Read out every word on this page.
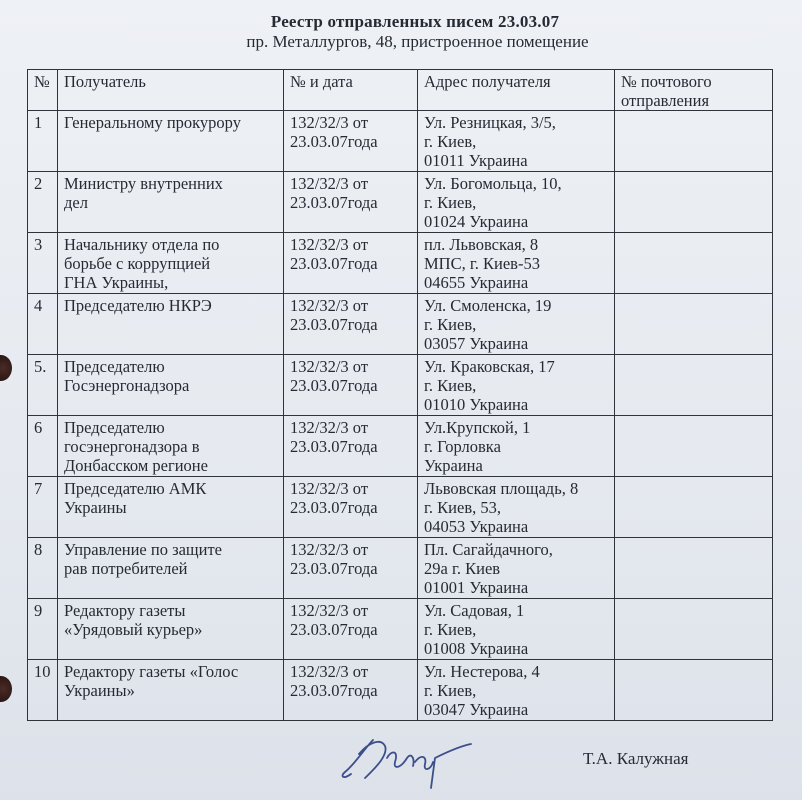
Реестр отправленных писем 23.03.07
пр. Металлургов, 48, пристроенное помещение
№	Получатель	№ и дата	Адрес получателя	№ почтового отправления
1	Генеральному прокурору	132/32/3 от
23.03.07года	Ул. Резницкая, 3/5,
г. Киев,
01011 Украина	
2	Министру внутренних
дел	132/32/3 от
23.03.07года	Ул. Богомольца, 10,
г. Киев,
01024 Украина	
3	Начальнику отдела по
борьбе с коррупцией
ГНА Украины,	132/32/3 от
23.03.07года	пл. Львовская, 8
МПС, г. Киев-53
04655 Украина	
4	Председателю НКРЭ	132/32/3 от
23.03.07года	Ул. Смоленска, 19
г. Киев,
03057 Украина	
5.	Председателю
Госэнергонадзора	132/32/3 от
23.03.07года	Ул. Краковская, 17
г. Киев,
01010 Украина	
6	Председателю
госэнергонадзора в
Донбасском регионе	132/32/3 от
23.03.07года	Ул.Крупской, 1
г. Горловка
Украина	
7	Председателю АМК
Украины	132/32/3 от
23.03.07года	Львовская площадь, 8
г. Киев, 53,
04053 Украина	
8	Управление по защите
рав потребителей	132/32/3 от
23.03.07года	Пл. Сагайдачного,
29а г. Киев
01001 Украина	
9	Редактору газеты
«Урядовый курьер»	132/32/3 от
23.03.07года	Ул. Садовая, 1
г. Киев,
01008 Украина	
10	Редактору газеты «Голос
Украины»	132/32/3 от
23.03.07года	Ул. Нестерова, 4
г. Киев,
03047 Украина	
Т.А. Калужная
